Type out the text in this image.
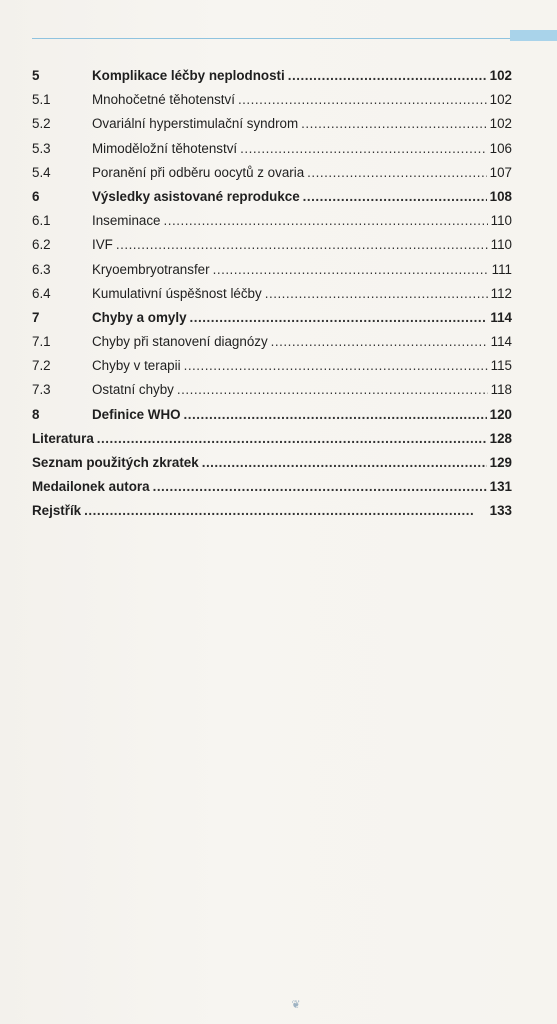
5	Komplikace léčby neplodnosti . . .	102
5.1	Mnohočetné těhotenství . . .	102
5.2	Ovariální hyperstimulační syndrom . . .	102
5.3	Mimoděložní těhotenství . . .	106
5.4	Poranění při odběru oocytů z ovaria . . .	107
6	Výsledky asistované reprodukce . . .	108
6.1	Inseminace . . .	110
6.2	IVF . . .	110
6.3	Kryoembryotransfer . . .	111
6.4	Kumulativní úspěšnost léčby . . .	112
7	Chyby a omyly . . .	114
7.1	Chyby při stanovení diagnózy . . .	114
7.2	Chyby v terapii . . .	115
7.3	Ostatní chyby . . .	118
8	Definice WHO . . .	120
Literatura . . .	128
Seznam použitých zkratek . . .	129
Medailonek autora . . .	131
Rejstřík . . .	133
❦
